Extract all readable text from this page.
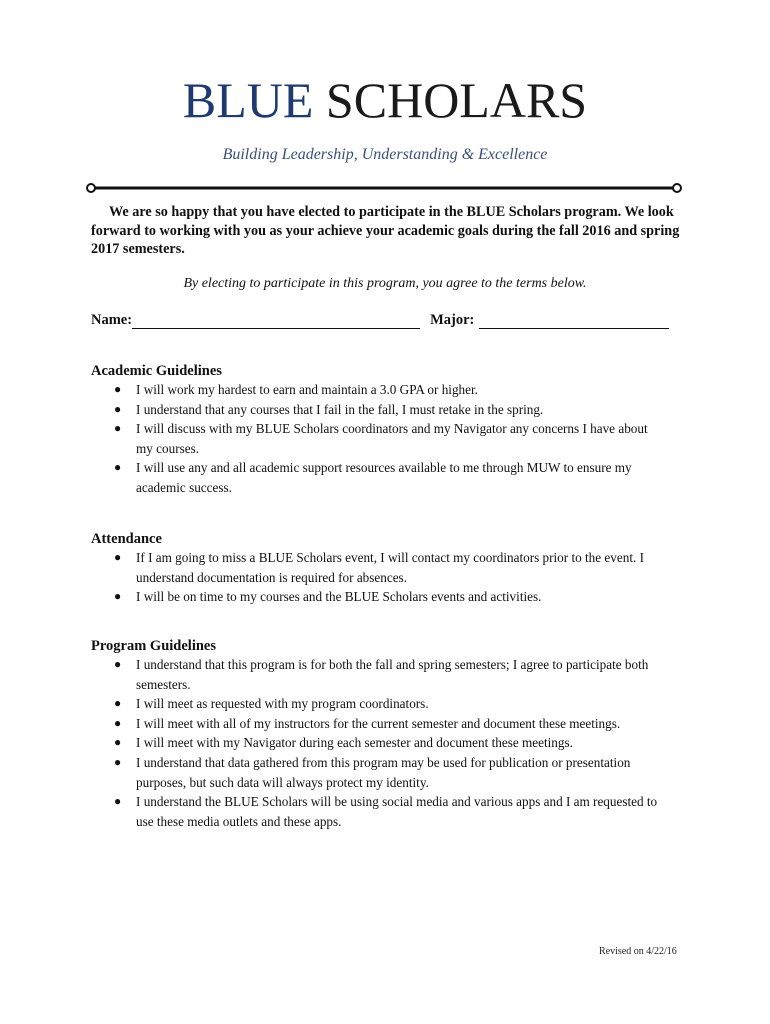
BLUE SCHOLARS
Building Leadership, Understanding & Excellence
We are so happy that you have elected to participate in the BLUE Scholars program. We look forward to working with you as your achieve your academic goals during the fall 2016 and spring 2017 semesters.
By electing to participate in this program, you agree to the terms below.
Name:	Major:
Academic Guidelines
● I will work my hardest to earn and maintain a 3.0 GPA or higher.
● I understand that any courses that I fail in the fall, I must retake in the spring.
● I will discuss with my BLUE Scholars coordinators and my Navigator any concerns I have about my courses.
● I will use any and all academic support resources available to me through MUW to ensure my academic success.
Attendance
● If I am going to miss a BLUE Scholars event, I will contact my coordinators prior to the event. I understand documentation is required for absences.
● I will be on time to my courses and the BLUE Scholars events and activities.
Program Guidelines
● I understand that this program is for both the fall and spring semesters; I agree to participate both semesters.
● I will meet as requested with my program coordinators.
● I will meet with all of my instructors for the current semester and document these meetings.
● I will meet with my Navigator during each semester and document these meetings.
● I understand that data gathered from this program may be used for publication or presentation purposes, but such data will always protect my identity.
● I understand the BLUE Scholars will be using social media and various apps and I am requested to use these media outlets and these apps.
Revised on 4/22/16
